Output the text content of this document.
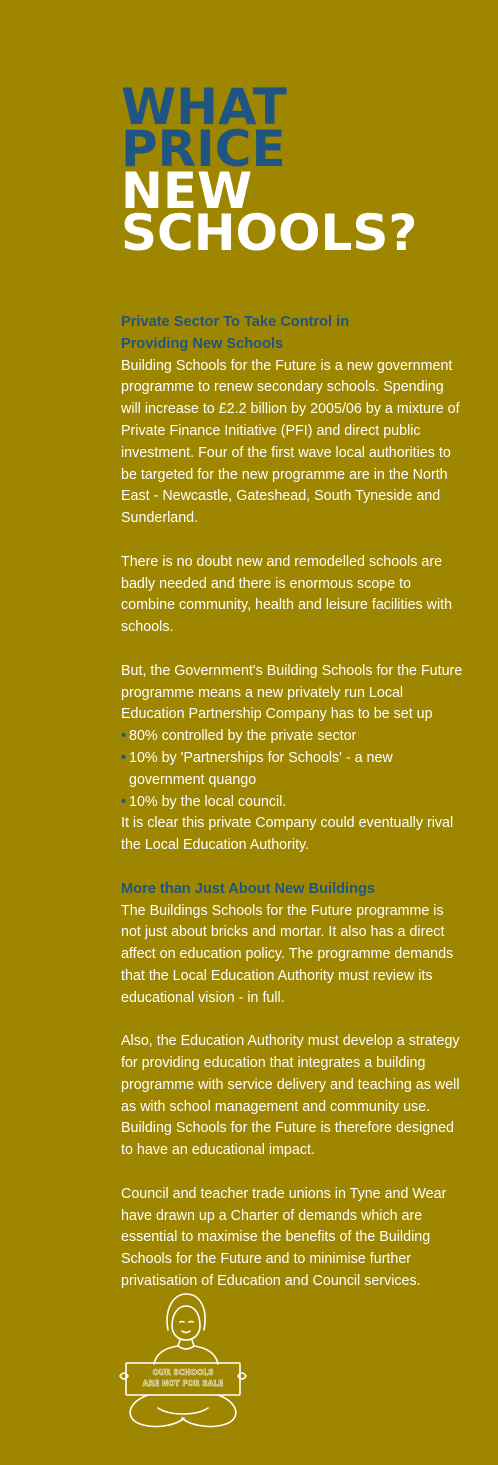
WHAT
PRICE
NEW
SCHOOLS?
Private Sector To Take Control in
Providing New Schools

Building Schools for the Future is a new government programme to renew secondary schools. Spending will increase to £2.2 billion by 2005/06 by a mixture of Private Finance Initiative (PFI) and direct public investment. Four of the first wave local authorities to be targeted for the new programme are in the North East - Newcastle, Gateshead, South Tyneside and Sunderland.

There is no doubt new and remodelled schools are badly needed and there is enormous scope to combine community, health and leisure facilities with schools.

But, the Government's Building Schools for the Future programme means a new privately run Local Education Partnership Company has to be set up

• 80% controlled by the private sector
• 10% by 'Partnerships for Schools' - a new government quango
• 10% by the local council.

It is clear this private Company could eventually rival the Local Education Authority.

More than Just About New Buildings

The Buildings Schools for the Future programme is not just about bricks and mortar. It also has a direct affect on education policy. The programme demands that the Local Education Authority must review its educational vision - in full.

Also, the Education Authority must develop a strategy for providing education that integrates a building programme with service delivery and teaching as well as with school management and community use. Building Schools for the Future is therefore designed to have an educational impact.

Council and teacher trade unions in Tyne and Wear have drawn up a Charter of demands which are essential to maximise the benefits of the Building Schools for the Future and to minimise further privatisation of Education and Council services.

OUR SCHOOLS
ARE NOT FOR SALE
